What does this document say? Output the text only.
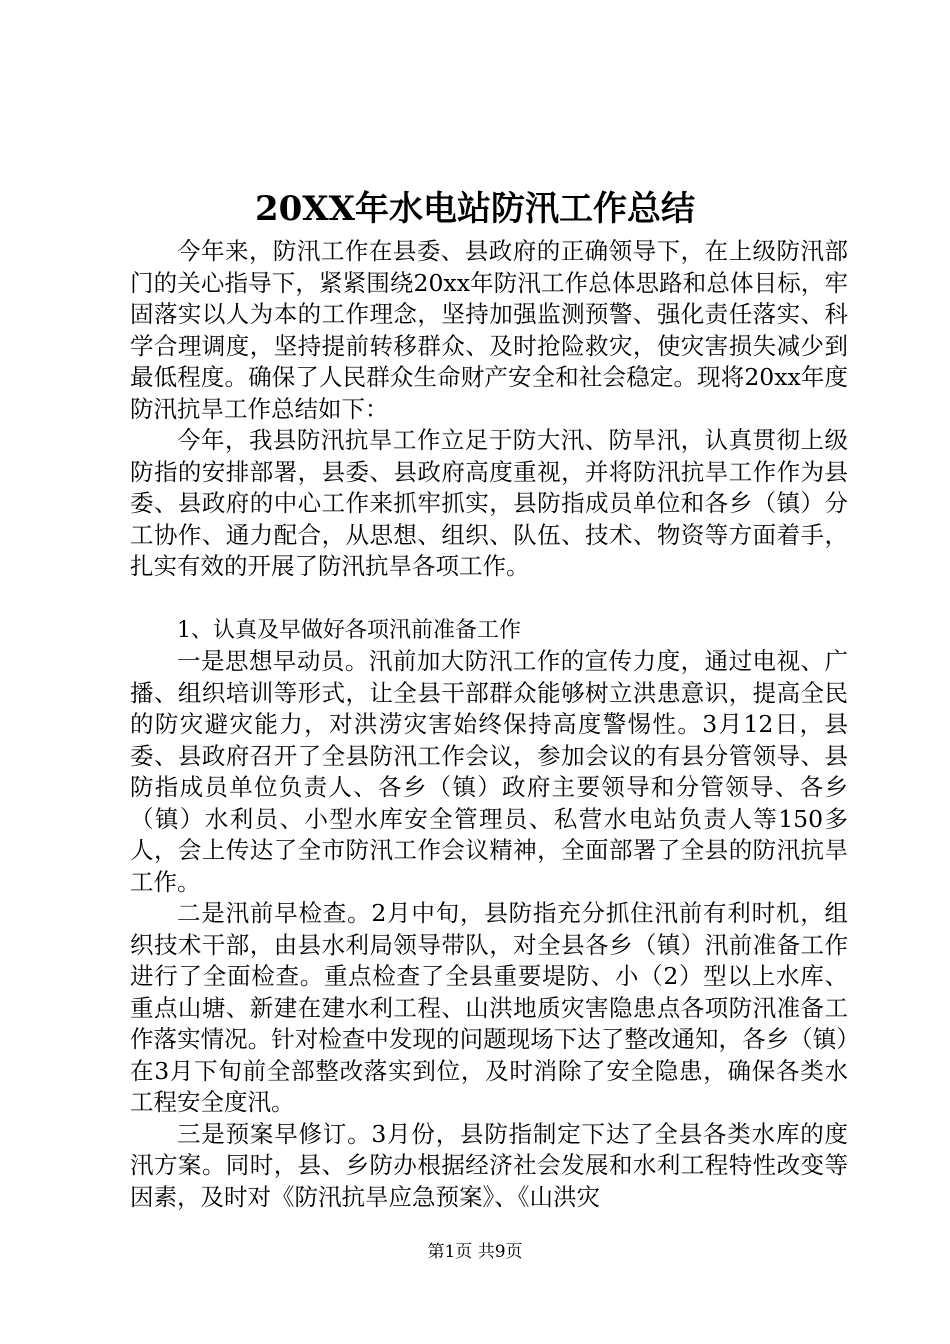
20XX年水电站防汛工作总结

今年来，防汛工作在县委、县政府的正确领导下，在上级防汛部门的关心指导下，紧紧围绕20xx年防汛工作总体思路和总体目标，牢固落实以人为本的工作理念，坚持加强监测预警、强化责任落实、科学合理调度，坚持提前转移群众、及时抢险救灾，使灾害损失减少到最低程度。确保了人民群众生命财产安全和社会稳定。现将20xx年度防汛抗旱工作总结如下：

今年，我县防汛抗旱工作立足于防大汛、防旱汛，认真贯彻上级防指的安排部署，县委、县政府高度重视，并将防汛抗旱工作作为县委、县政府的中心工作来抓牢抓实，县防指成员单位和各乡（镇）分工协作、通力配合，从思想、组织、队伍、技术、物资等方面着手，扎实有效的开展了防汛抗旱各项工作。

1、认真及早做好各项汛前准备工作

一是思想早动员。汛前加大防汛工作的宣传力度，通过电视、广播、组织培训等形式，让全县干部群众能够树立洪患意识，提高全民的防灾避灾能力，对洪涝灾害始终保持高度警惕性。3月12日，县委、县政府召开了全县防汛工作会议，参加会议的有县分管领导、县防指成员单位负责人、各乡（镇）政府主要领导和分管领导、各乡（镇）水利员、小型水库安全管理员、私营水电站负责人等150多人，会上传达了全市防汛工作会议精神，全面部署了全县的防汛抗旱工作。

二是汛前早检查。2月中旬，县防指充分抓住汛前有利时机，组织技术干部，由县水利局领导带队，对全县各乡（镇）汛前准备工作进行了全面检查。重点检查了全县重要堤防、小（2）型以上水库、重点山塘、新建在建水利工程、山洪地质灾害隐患点各项防汛准备工作落实情况。针对检查中发现的问题现场下达了整改通知，各乡（镇）在3月下旬前全部整改落实到位，及时消除了安全隐患，确保各类水工程安全度汛。

三是预案早修订。3月份，县防指制定下达了全县各类水库的度汛方案。同时，县、乡防办根据经济社会发展和水利工程特性改变等因素，及时对《防汛抗旱应急预案》、《山洪灾

第1页 共9页
